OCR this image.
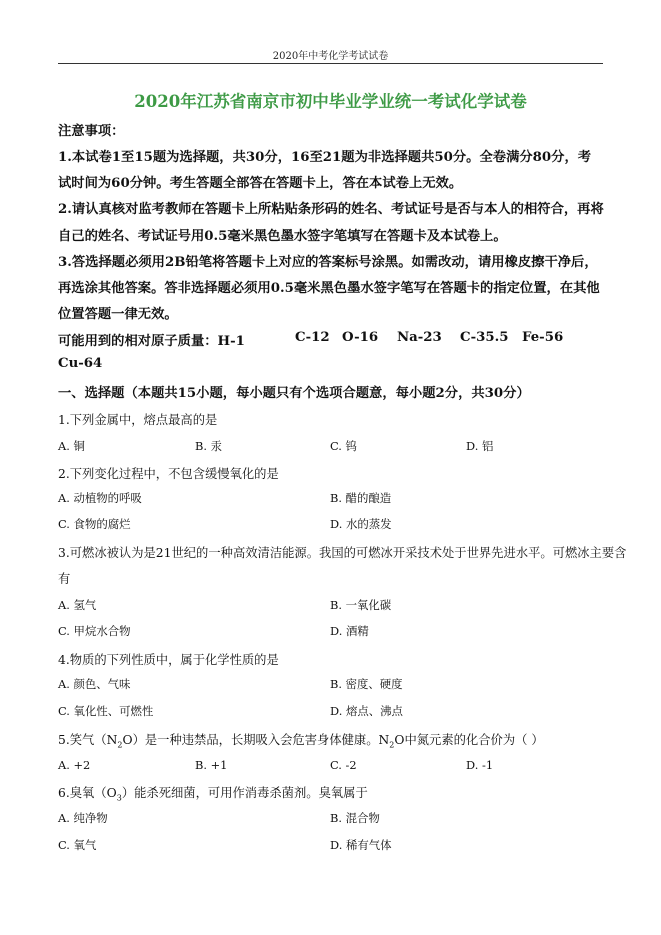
2020年中考化学考试试卷
2020年江苏省南京市初中毕业学业统一考试化学试卷
注意事项：
1.本试卷1至15题为选择题，共30分，16至21题为非选择题共50分。全卷满分80分，考
试时间为60分钟。考生答题全部答在答题卡上，答在本试卷上无效。
2.请认真核对监考教师在答题卡上所粘贴条形码的姓名、考试证号是否与本人的相符合，再将
自己的姓名、考试证号用0.5毫米黑色墨水签字笔填写在答题卡及本试卷上。
3.答选择题必须用2B铅笔将答题卡上对应的答案标号涂黑。如需改动，请用橡皮擦干净后，
再选涂其他答案。答非选择题必须用0.5毫米黑色墨水签字笔写在答题卡的指定位置，在其他
位置答题一律无效。
可能用到的相对原子质量：H-1	C-12 O-16 Na-23 C-35.5 Fe-56
Cu-64
一、选择题（本题共15小题，每小题只有个选项合题意，每小题2分，共30分）
1.下列金属中，熔点最高的是
A. 铜	B. 汞	C. 钨	D. 铝
2.下列变化过程中，不包含缓慢氧化的是
A. 动植物的呼吸	B. 醋的酿造
C. 食物的腐烂	D. 水的蒸发
3.可燃冰被认为是21世纪的一种高效清洁能源。我国的可燃冰开采技术处于世界先进水平。可燃冰主要含
有
A. 氢气	B. 一氧化碳
C. 甲烷水合物	D. 酒精
4.物质的下列性质中，属于化学性质的是
A. 颜色、气味	B. 密度、硬度
C. 氧化性、可燃性	D. 熔点、沸点
5.笑气$(N_2O)$是一种违禁品，长期吸入会危害身体健康。$N_2O$中氮元素的化合价为（ ）
A. +2	B. +1	C. -2	D. -1
6.臭氧$(O_3)$能杀死细菌，可用作消毒杀菌剂。臭氧属于
A. 纯净物	B. 混合物
C. 氧气	D. 稀有气体
